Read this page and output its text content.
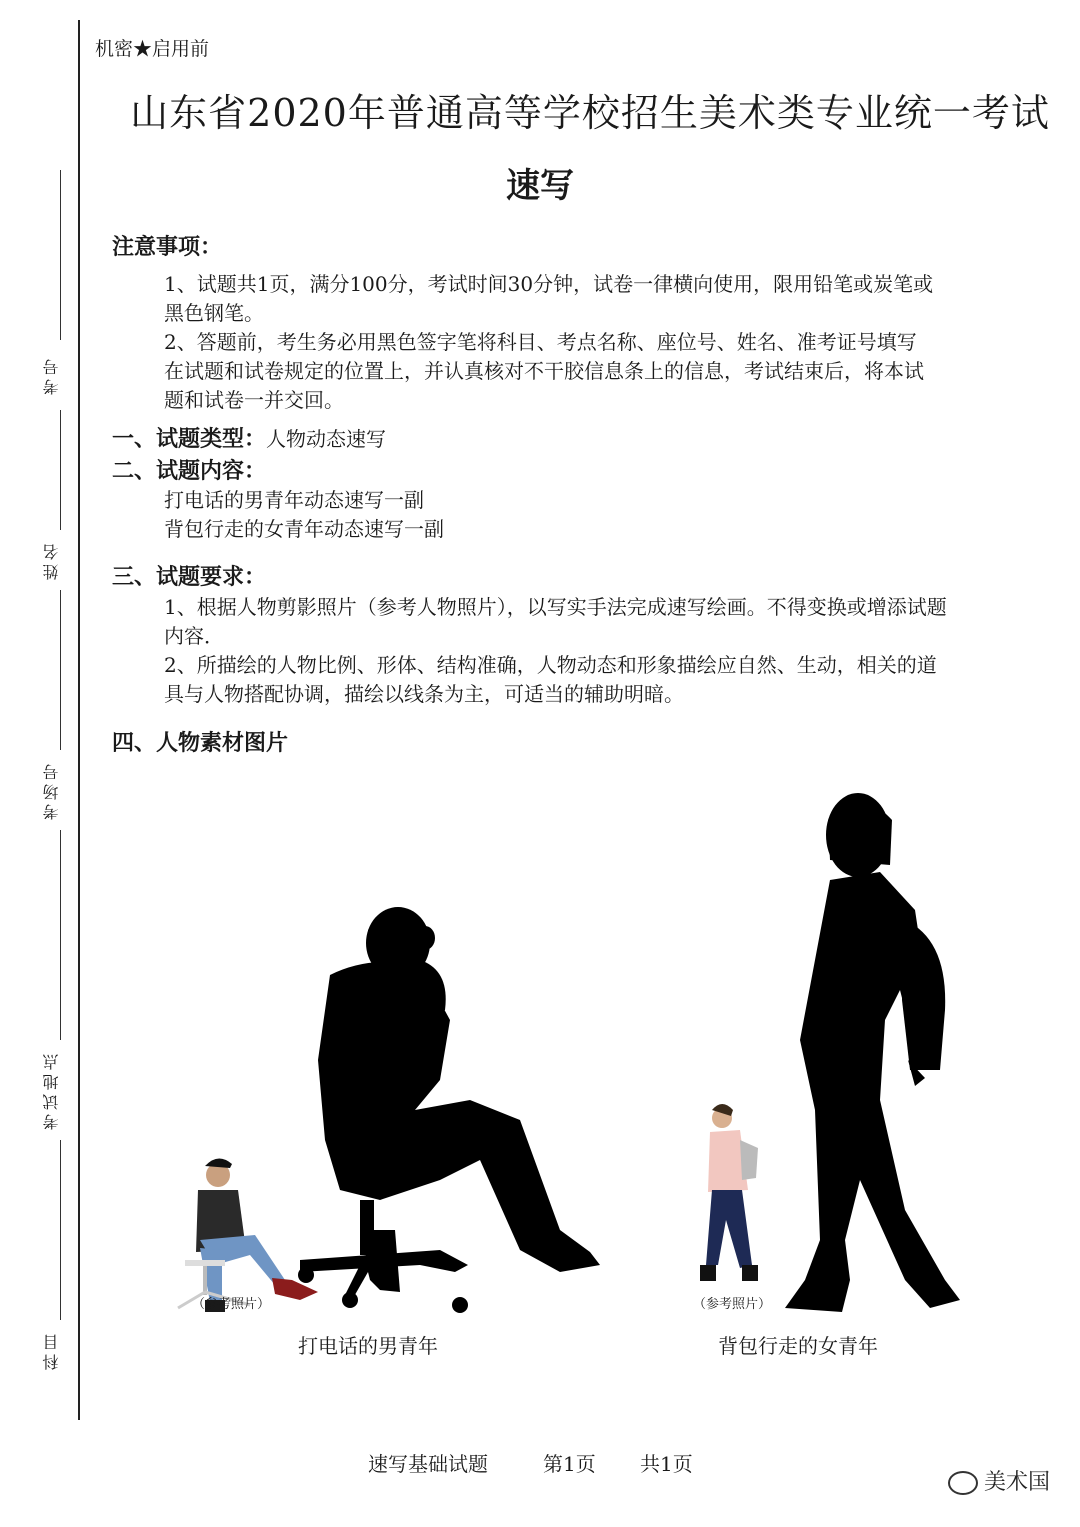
机密★启用前
考号
姓名
考场号
考试地点
科目
山东省2020年普通高等学校招生美术类专业统一考试
速写
注意事项：
1、试题共1页，满分100分，考试时间30分钟，试卷一律横向使用，限用铅笔或炭笔或
黑色钢笔。
2、答题前，考生务必用黑色签字笔将科目、考点名称、座位号、姓名、准考证号填写
在试题和试卷规定的位置上，并认真核对不干胶信息条上的信息，考试结束后，将本试
题和试卷一并交回。
一、试题类型：人物动态速写
二、试题内容：
打电话的男青年动态速写一副
背包行走的女青年动态速写一副
三、试题要求：
1、根据人物剪影照片（参考人物照片），以写实手法完成速写绘画。不得变换或增添试题
内容．
2、所描绘的人物比例、形体、结构准确，人物动态和形象描绘应自然、生动，相关的道
具与人物搭配协调，描绘以线条为主，可适当的辅助明暗。
四、人物素材图片
（参考照片）	（参考照片）
打电话的男青年	背包行走的女青年
速写基础试题	第1页 共1页
美术国
